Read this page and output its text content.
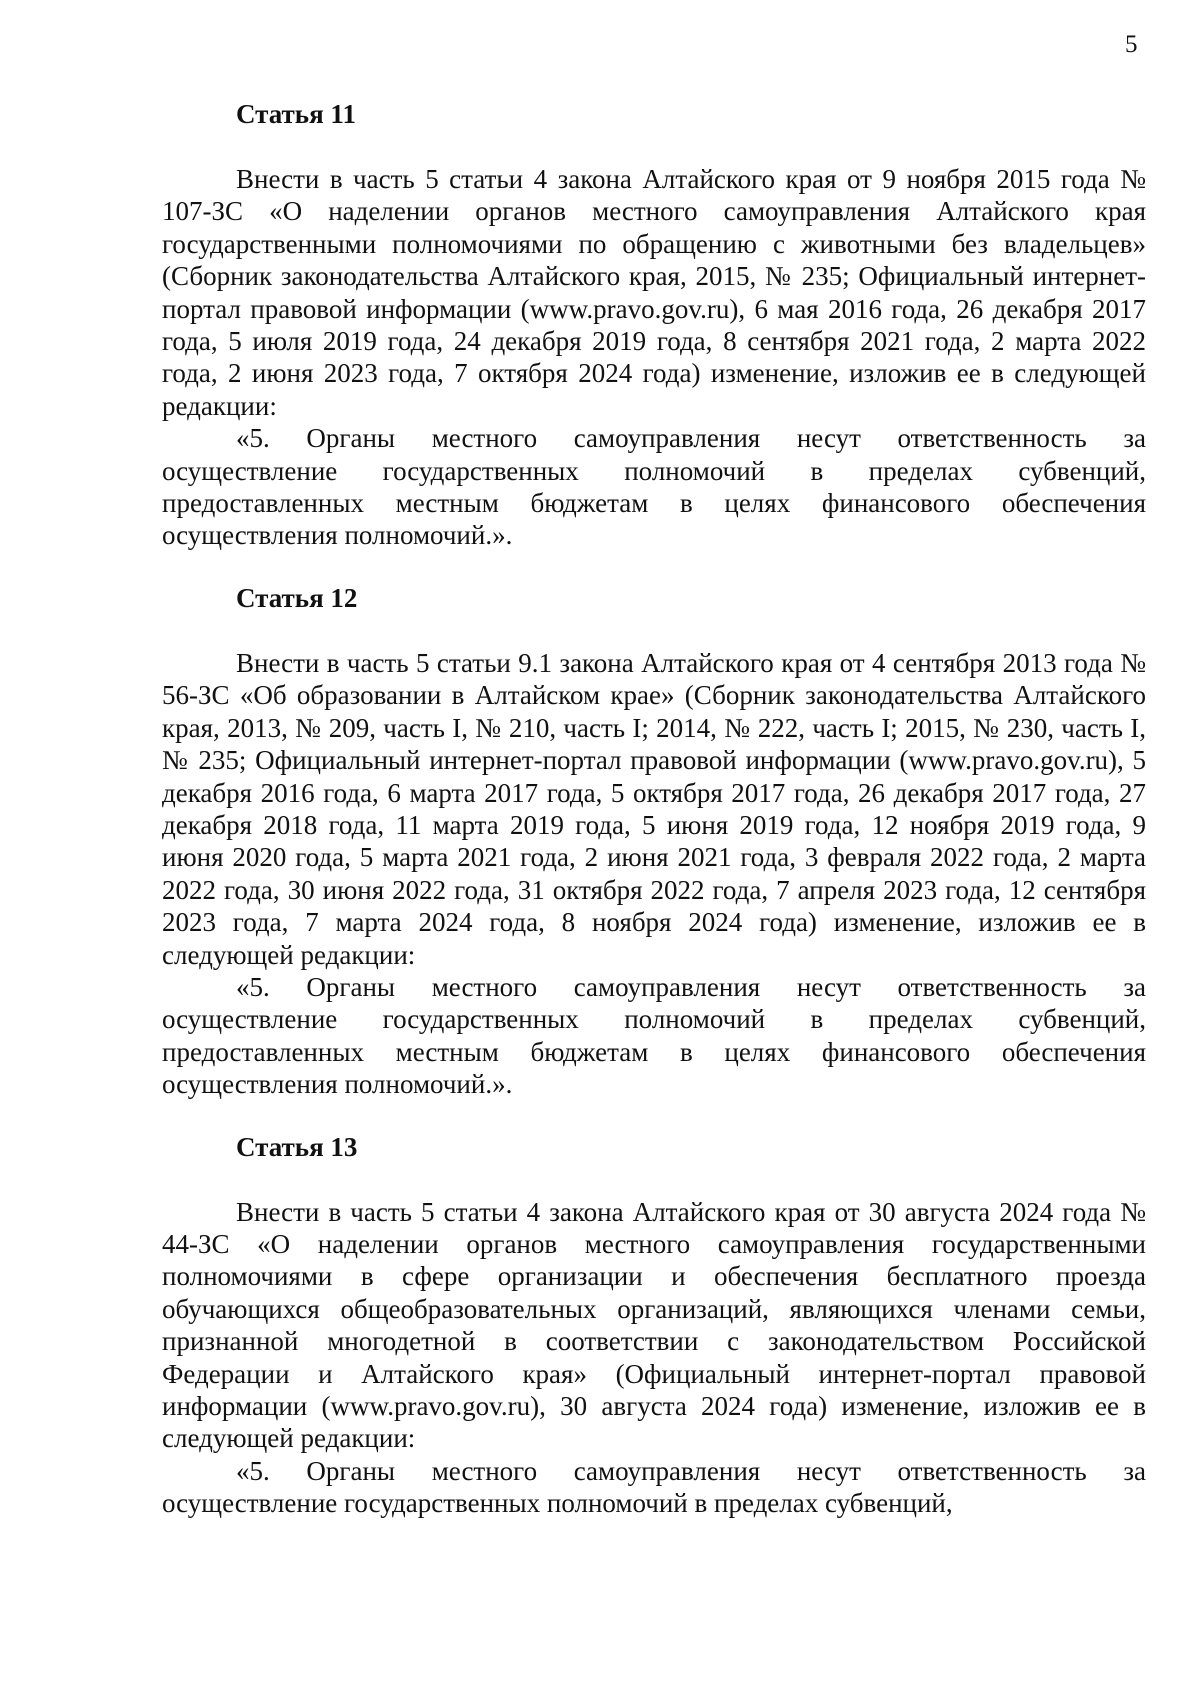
5
Статья 11

Внести в часть 5 статьи 4 закона Алтайского края от 9 ноября 2015 года № 107-ЗС «О наделении органов местного самоуправления Алтайского края государственными полномочиями по обращению с животными без владельцев» (Сборник законодательства Алтайского края, 2015, № 235; Официальный интернет-портал правовой информации (www.pravo.gov.ru), 6 мая 2016 года, 26 декабря 2017 года, 5 июля 2019 года, 24 декабря 2019 года, 8 сентября 2021 года, 2 марта 2022 года, 2 июня 2023 года, 7 октября 2024 года) изменение, изложив ее в следующей редакции:

«5. Органы местного самоуправления несут ответственность за осуществление государственных полномочий в пределах субвенций, предоставленных местным бюджетам в целях финансового обеспечения осуществления полномочий.».

Статья 12

Внести в часть 5 статьи 9.1 закона Алтайского края от 4 сентября 2013 года № 56-ЗС «Об образовании в Алтайском крае» (Сборник законодательства Алтайского края, 2013, № 209, часть I, № 210, часть I; 2014, № 222, часть I; 2015, № 230, часть I, № 235; Официальный интернет-портал правовой информации (www.pravo.gov.ru), 5 декабря 2016 года, 6 марта 2017 года, 5 октября 2017 года, 26 декабря 2017 года, 27 декабря 2018 года, 11 марта 2019 года, 5 июня 2019 года, 12 ноября 2019 года, 9 июня 2020 года, 5 марта 2021 года, 2 июня 2021 года, 3 февраля 2022 года, 2 марта 2022 года, 30 июня 2022 года, 31 октября 2022 года, 7 апреля 2023 года, 12 сентября 2023 года, 7 марта 2024 года, 8 ноября 2024 года) изменение, изложив ее в следующей редакции:

«5. Органы местного самоуправления несут ответственность за осуществление государственных полномочий в пределах субвенций, предоставленных местным бюджетам в целях финансового обеспечения осуществления полномочий.».

Статья 13

Внести в часть 5 статьи 4 закона Алтайского края от 30 августа 2024 года № 44-ЗС «О наделении органов местного самоуправления государственными полномочиями в сфере организации и обеспечения бесплатного проезда обучающихся общеобразовательных организаций, являющихся членами семьи, признанной многодетной в соответствии с законодательством Российской Федерации и Алтайского края» (Официальный интернет-портал правовой информации (www.pravo.gov.ru), 30 августа 2024 года) изменение, изложив ее в следующей редакции:

«5. Органы местного самоуправления несут ответственность за осуществление государственных полномочий в пределах субвенций,
